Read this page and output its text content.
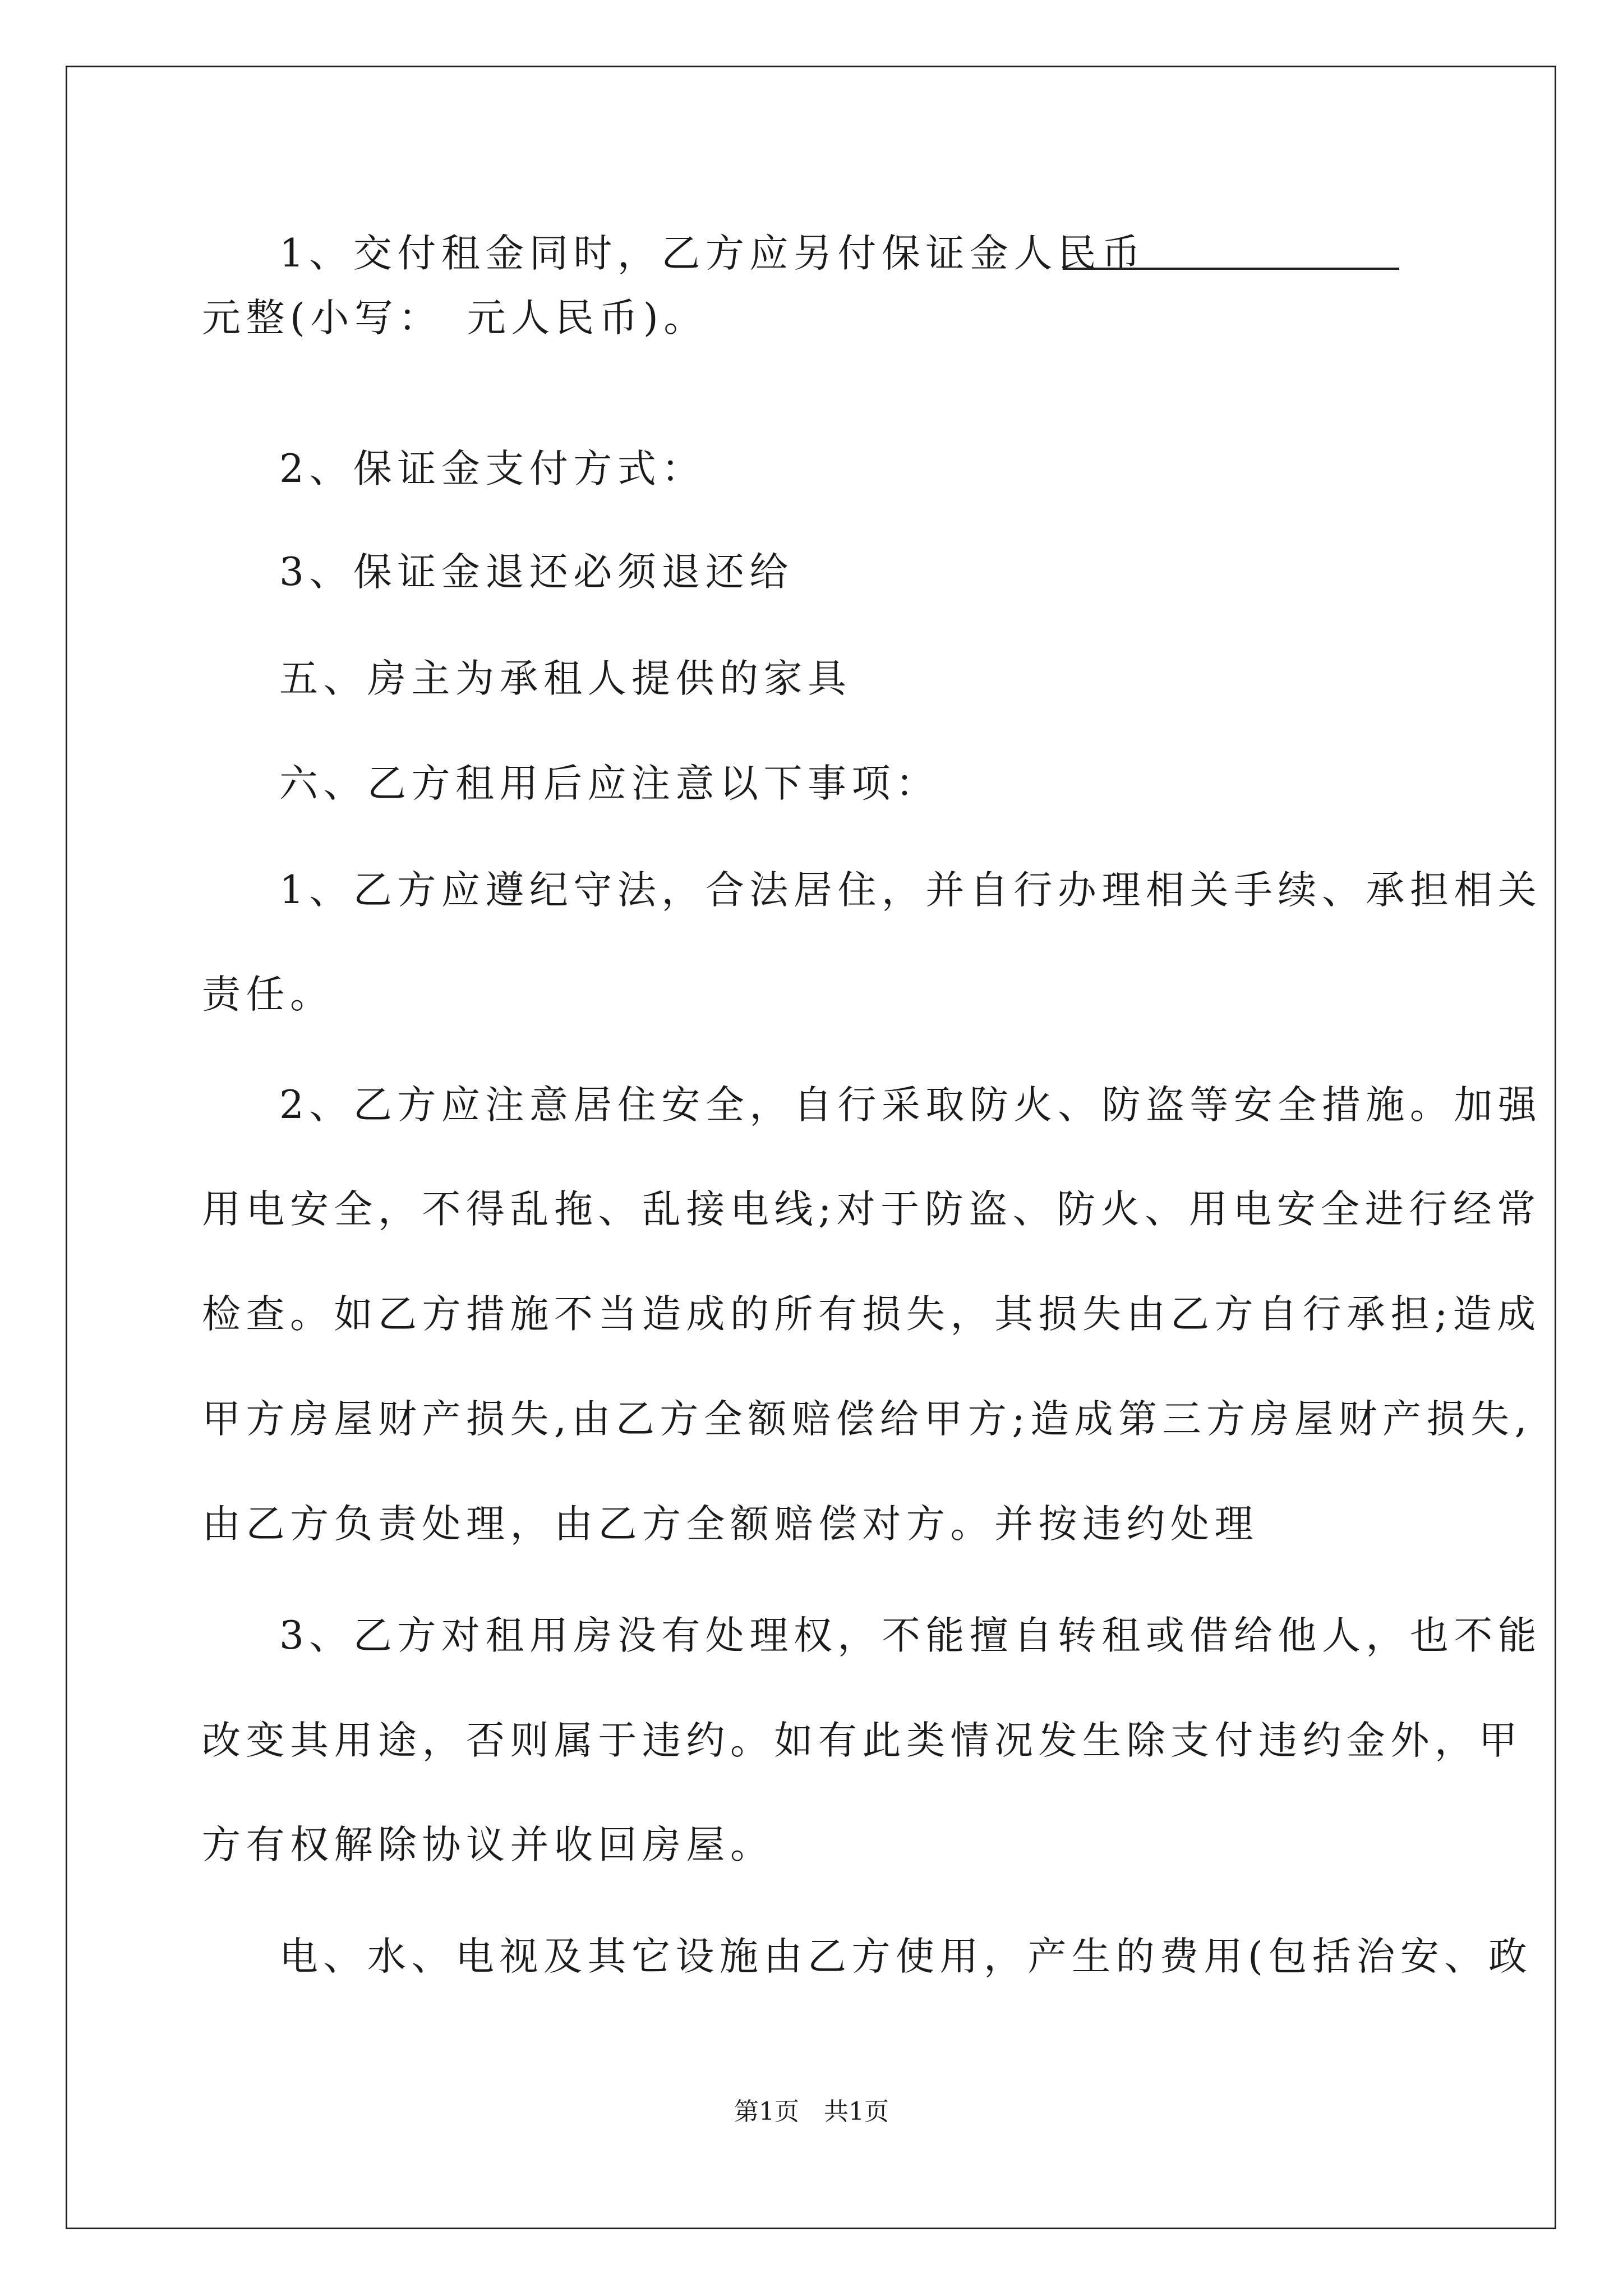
1、交付租金同时，乙方应另付保证金人民币
元整(小写：　元人民币)。
2、保证金支付方式：
3、保证金退还必须退还给
五、房主为承租人提供的家具
六、乙方租用后应注意以下事项：
1、乙方应遵纪守法，合法居住，并自行办理相关手续、承担相关
责任。
2、乙方应注意居住安全，自行采取防火、防盗等安全措施。加强
用电安全，不得乱拖、乱接电线;对于防盗、防火、用电安全进行经常
检查。如乙方措施不当造成的所有损失，其损失由乙方自行承担;造成
甲方房屋财产损失,由乙方全额赔偿给甲方;造成第三方房屋财产损失,
由乙方负责处理，由乙方全额赔偿对方。并按违约处理
3、乙方对租用房没有处理权，不能擅自转租或借给他人，也不能
改变其用途，否则属于违约。如有此类情况发生除支付违约金外，甲
方有权解除协议并收回房屋。
电、水、电视及其它设施由乙方使用，产生的费用(包括治安、政
第1页　共1页
